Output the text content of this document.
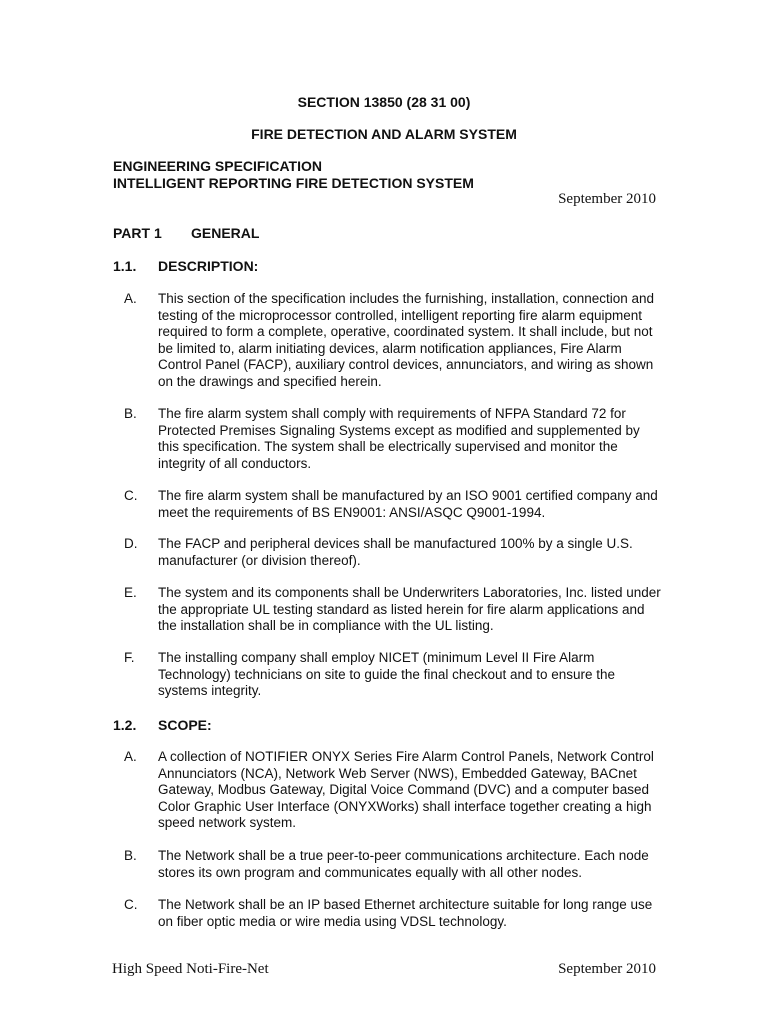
SECTION 13850 (28 31 00)
FIRE DETECTION AND ALARM SYSTEM
ENGINEERING SPECIFICATION
INTELLIGENT REPORTING FIRE DETECTION SYSTEM
September 2010
PART 1 GENERAL
1.1. DESCRIPTION:
A.	This section of the specification includes the furnishing, installation, connection and testing of the microprocessor controlled, intelligent reporting fire alarm equipment required to form a complete, operative, coordinated system. It shall include, but not be limited to, alarm initiating devices, alarm notification appliances, Fire Alarm Control Panel (FACP), auxiliary control devices, annunciators, and wiring as shown on the drawings and specified herein.
B.	The fire alarm system shall comply with requirements of NFPA Standard 72 for Protected Premises Signaling Systems except as modified and supplemented by this specification. The system shall be electrically supervised and monitor the integrity of all conductors.
C.	The fire alarm system shall be manufactured by an ISO 9001 certified company and meet the requirements of BS EN9001: ANSI/ASQC Q9001-1994.
D.	The FACP and peripheral devices shall be manufactured 100% by a single U.S. manufacturer (or division thereof).
E.	The system and its components shall be Underwriters Laboratories, Inc. listed under the appropriate UL testing standard as listed herein for fire alarm applications and the installation shall be in compliance with the UL listing.
F.	The installing company shall employ NICET (minimum Level II Fire Alarm Technology) technicians on site to guide the final checkout and to ensure the systems integrity.
1.2. SCOPE:
A.	A collection of NOTIFIER ONYX Series Fire Alarm Control Panels, Network Control Annunciators (NCA), Network Web Server (NWS), Embedded Gateway, BACnet Gateway, Modbus Gateway, Digital Voice Command (DVC) and a computer based Color Graphic User Interface (ONYXWorks) shall interface together creating a high speed network system.
B.	The Network shall be a true peer-to-peer communications architecture. Each node stores its own program and communicates equally with all other nodes.
C.	The Network shall be an IP based Ethernet architecture suitable for long range use on fiber optic media or wire media using VDSL technology.
High Speed Noti-Fire-Net	September 2010
